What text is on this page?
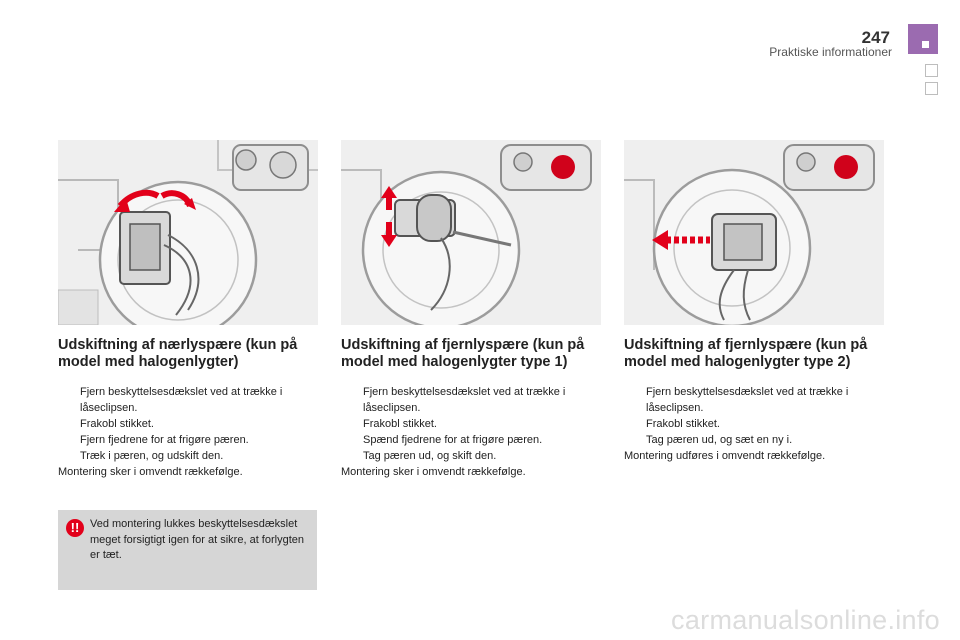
247
Praktiske informationer
Udskiftning af nærlyspære (kun på model med halogenlygter)
Fjern beskyttelsesdækslet ved at trække i låseclipsen.
Frakobl stikket.
Fjern fjedrene for at frigøre pæren.
Træk i pæren, og udskift den.
Montering sker i omvendt rækkefølge.
Udskiftning af fjernlyspære (kun på model med halogenlygter type 1)
Fjern beskyttelsesdækslet ved at trække i låseclipsen.
Frakobl stikket.
Spænd fjedrene for at frigøre pæren.
Tag pæren ud, og skift den.
Montering sker i omvendt rækkefølge.
Udskiftning af fjernlyspære (kun på model med halogenlygter type 2)
Fjern beskyttelsesdækslet ved at trække i låseclipsen.
Frakobl stikket.
Tag pæren ud, og sæt en ny i.
Montering udføres i omvendt rækkefølge.
!! Ved montering lukkes beskyttelsesdækslet meget forsigtigt igen for at sikre, at forlygten er tæt.

carmanualsonline.info
